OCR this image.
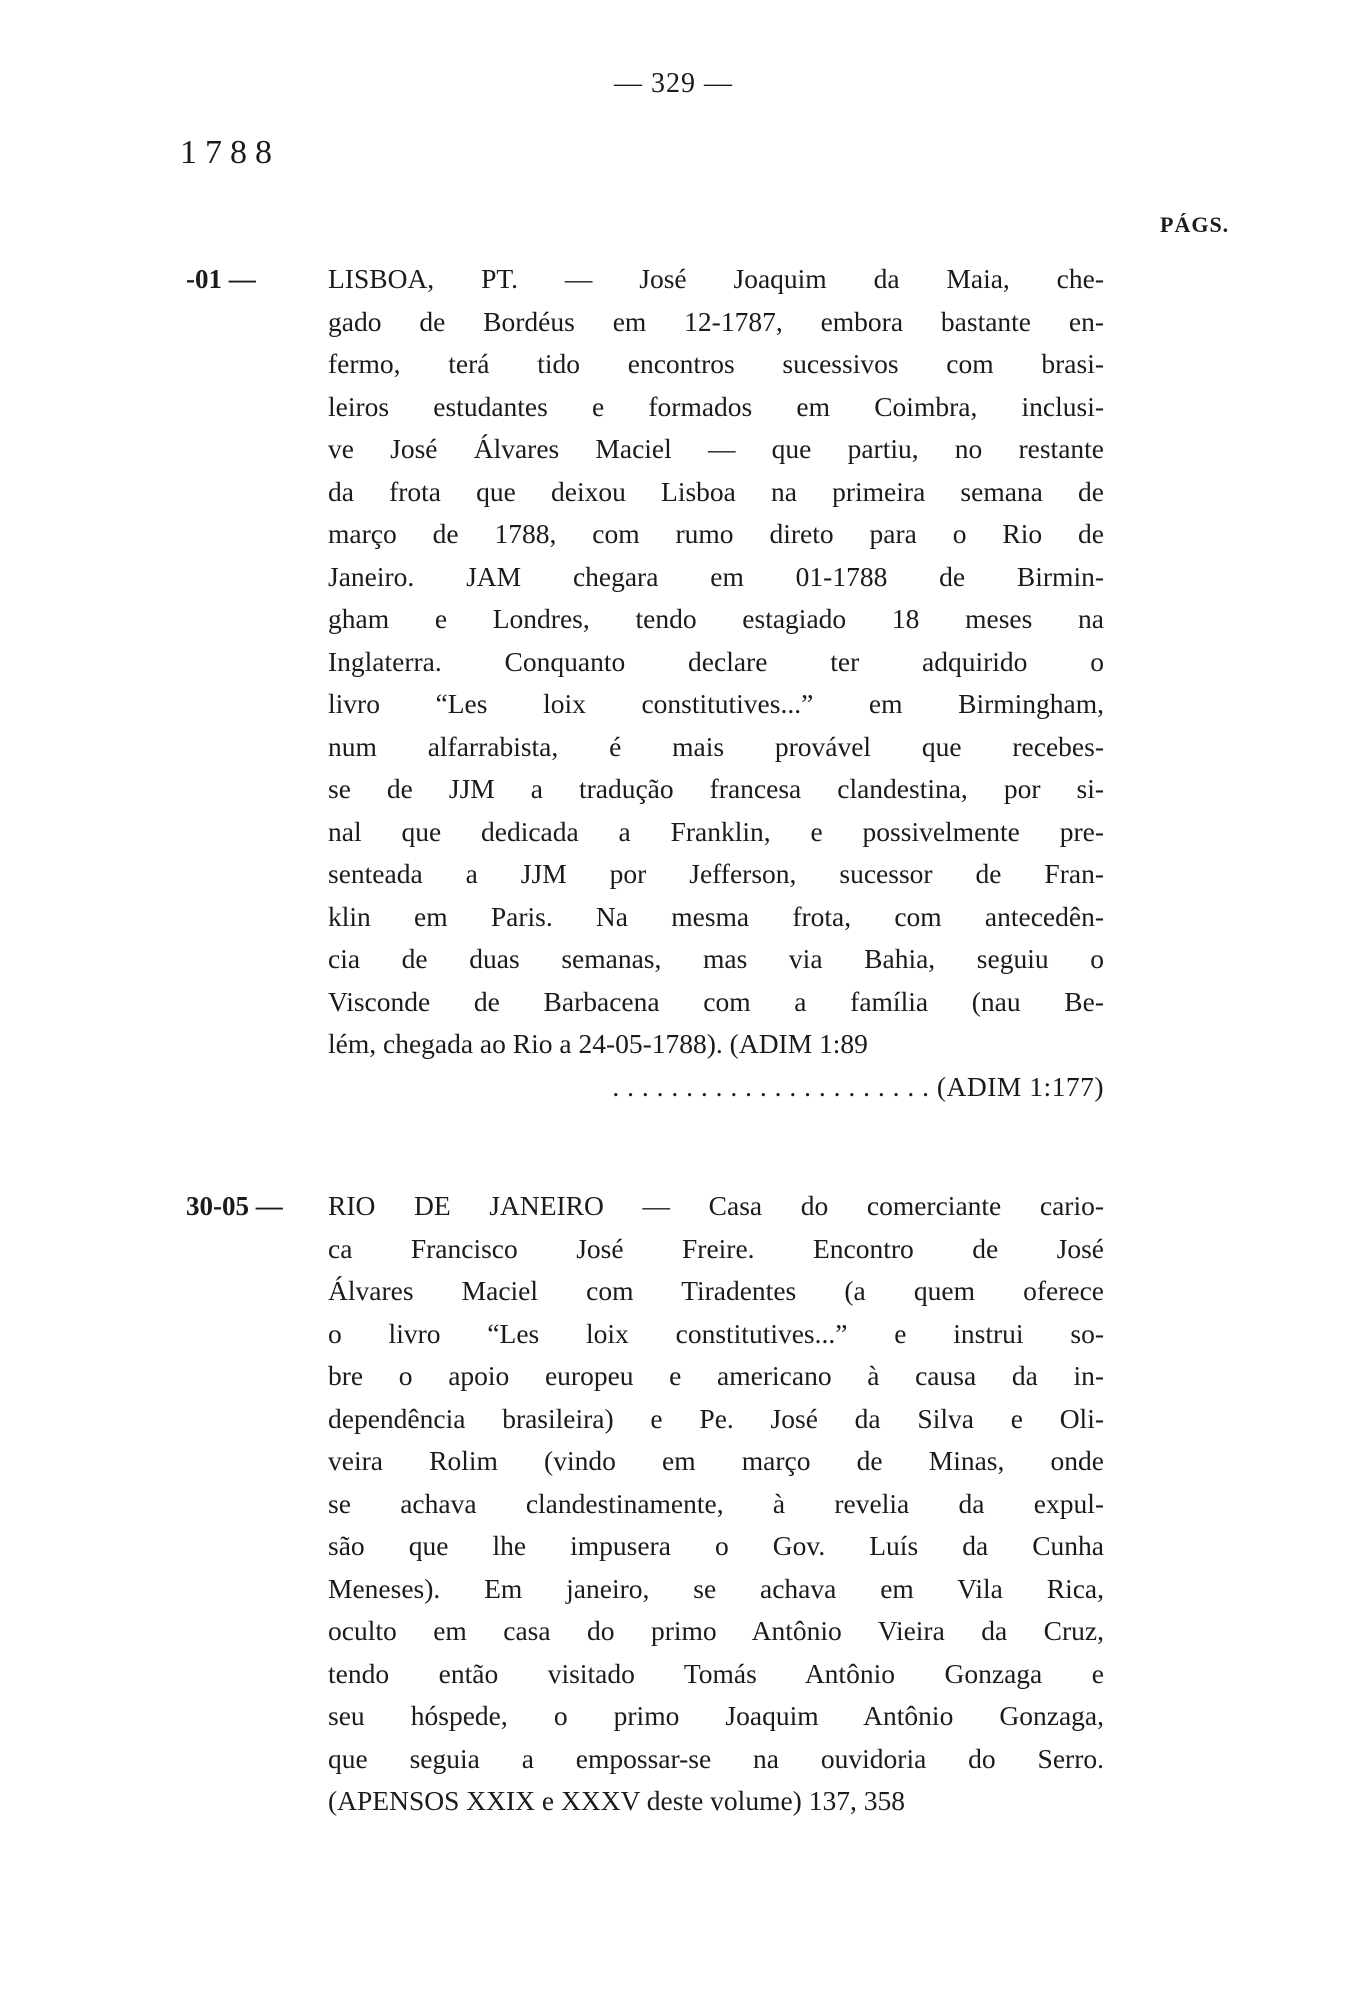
— 329 —
1788
PÁGS.
-01 —	LISBOA, PT. — José Joaquim da Maia, che-
gado de Bordéus em 12-1787, embora bastante en-
fermo, terá tido encontros sucessivos com brasi-
leiros estudantes e formados em Coimbra, inclusi-
ve José Álvares Maciel — que partiu, no restante
da frota que deixou Lisboa na primeira semana de
março de 1788, com rumo direto para o Rio de
Janeiro. JAM chegara em 01-1788 de Birmin-
gham e Londres, tendo estagiado 18 meses na
Inglaterra. Conquanto declare ter adquirido o
livro “Les loix constitutives...” em Birmingham,
num alfarrabista, é mais provável que recebes-
se de JJM a tradução francesa clandestina, por si-
nal que dedicada a Franklin, e possivelmente pre-
senteada a JJM por Jefferson, sucessor de Fran-
klin em Paris. Na mesma frota, com antecedên-
cia de duas semanas, mas via Bahia, seguiu o
Visconde de Barbacena com a família (nau Be-
lém, chegada ao Rio a 24-05-1788). (ADIM 1:89
. . . . . . . . . . . . . . . . . . . . . . (ADIM 1:177)
30-05 — RIO DE JANEIRO — Casa do comerciante cario-
ca Francisco José Freire. Encontro de José
Álvares Maciel com Tiradentes (a quem oferece
o livro “Les loix constitutives...” e instrui so-
bre o apoio europeu e americano à causa da in-
dependência brasileira) e Pe. José da Silva e Oli-
veira Rolim (vindo em março de Minas, onde
se achava clandestinamente, à revelia da expul-
são que lhe impusera o Gov. Luís da Cunha
Meneses). Em janeiro, se achava em Vila Rica,
oculto em casa do primo Antônio Vieira da Cruz,
tendo então visitado Tomás Antônio Gonzaga e
seu hóspede, o primo Joaquim Antônio Gonzaga,
que seguia a empossar-se na ouvidoria do Serro.
(APENSOS XXIX e XXXV deste volume) 137, 358
